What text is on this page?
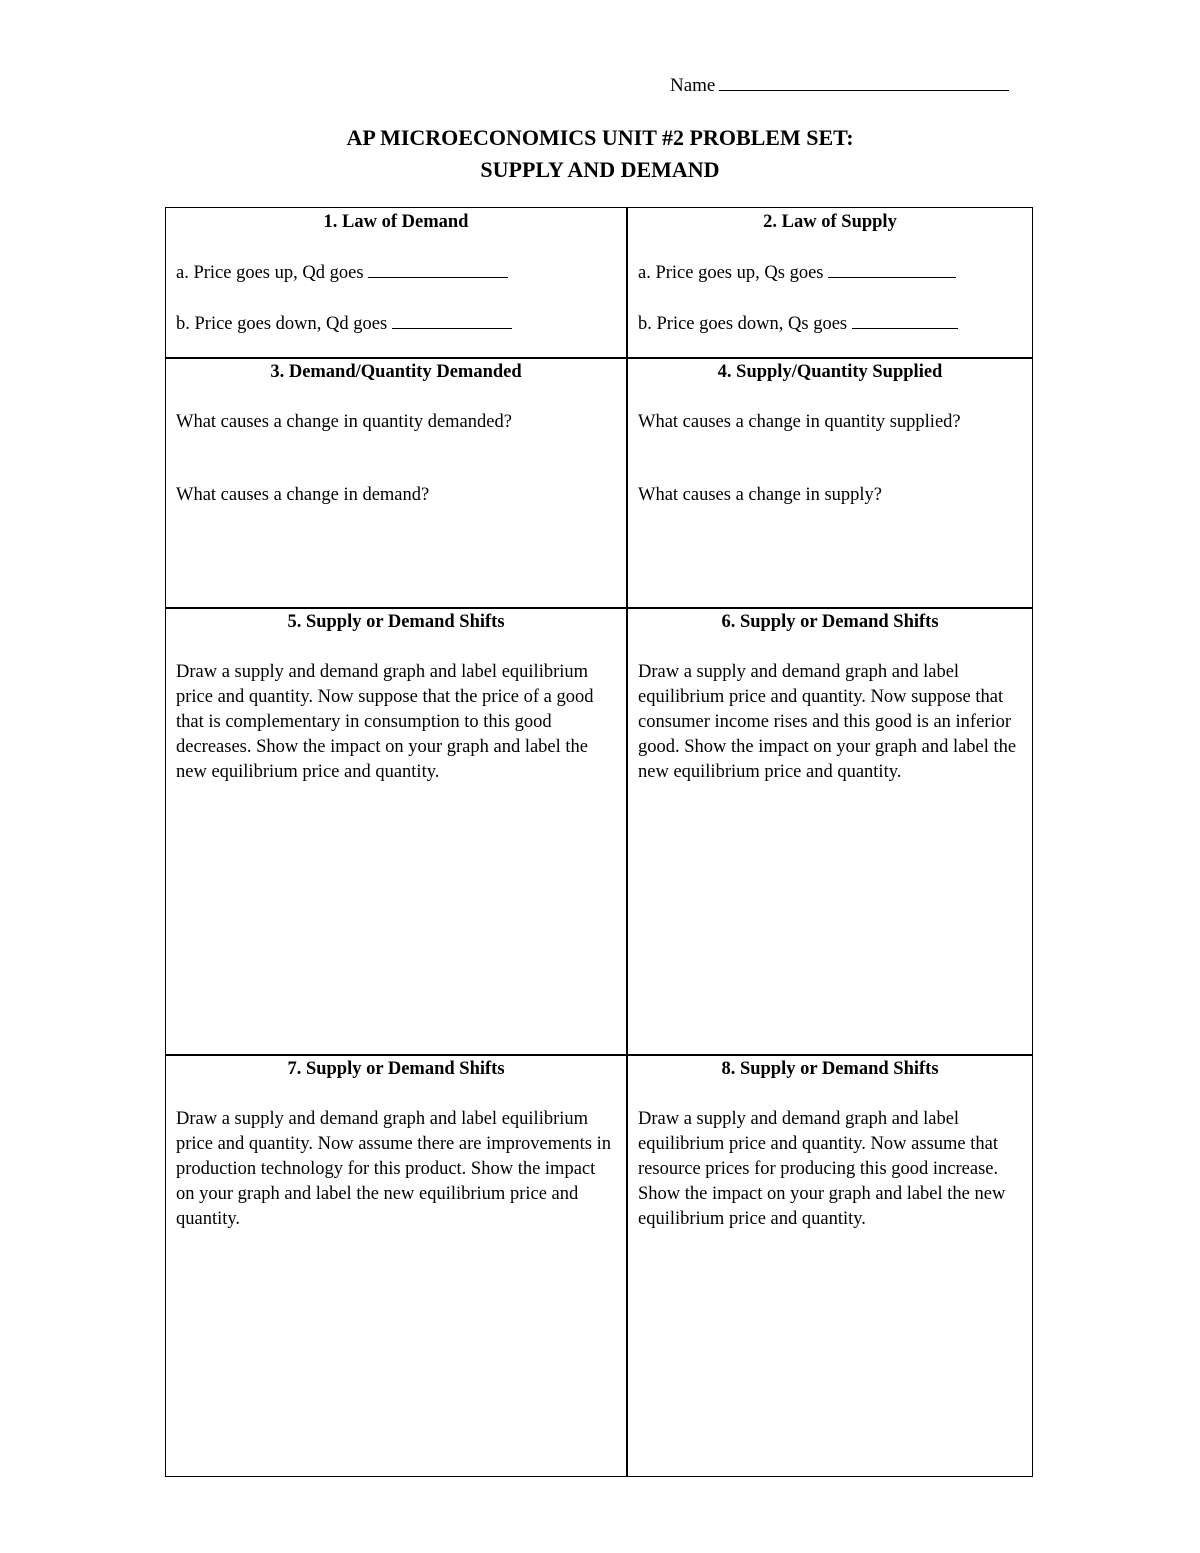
Name
AP MICROECONOMICS UNIT #2 PROBLEM SET:
SUPPLY AND DEMAND
1. Law of Demand

a. Price goes up, Qd goes

b. Price goes down, Qd goes

2. Law of Supply

a. Price goes up, Qs goes

b. Price goes down, Qs goes

3. Demand/Quantity Demanded

What causes a change in quantity demanded?

What causes a change in demand?

4. Supply/Quantity Supplied

What causes a change in quantity supplied?

What causes a change in supply?

5. Supply or Demand Shifts

Draw a supply and demand graph and label equilibrium price and quantity. Now suppose that the price of a good that is complementary in consumption to this good decreases. Show the impact on your graph and label the new equilibrium price and quantity.

6. Supply or Demand Shifts

Draw a supply and demand graph and label equilibrium price and quantity. Now suppose that consumer income rises and this good is an inferior good. Show the impact on your graph and label the new equilibrium price and quantity.

7. Supply or Demand Shifts

Draw a supply and demand graph and label equilibrium price and quantity. Now assume there are improvements in production technology for this product. Show the impact on your graph and label the new equilibrium price and quantity.

8. Supply or Demand Shifts

Draw a supply and demand graph and label equilibrium price and quantity. Now assume that resource prices for producing this good increase. Show the impact on your graph and label the new equilibrium price and quantity.
